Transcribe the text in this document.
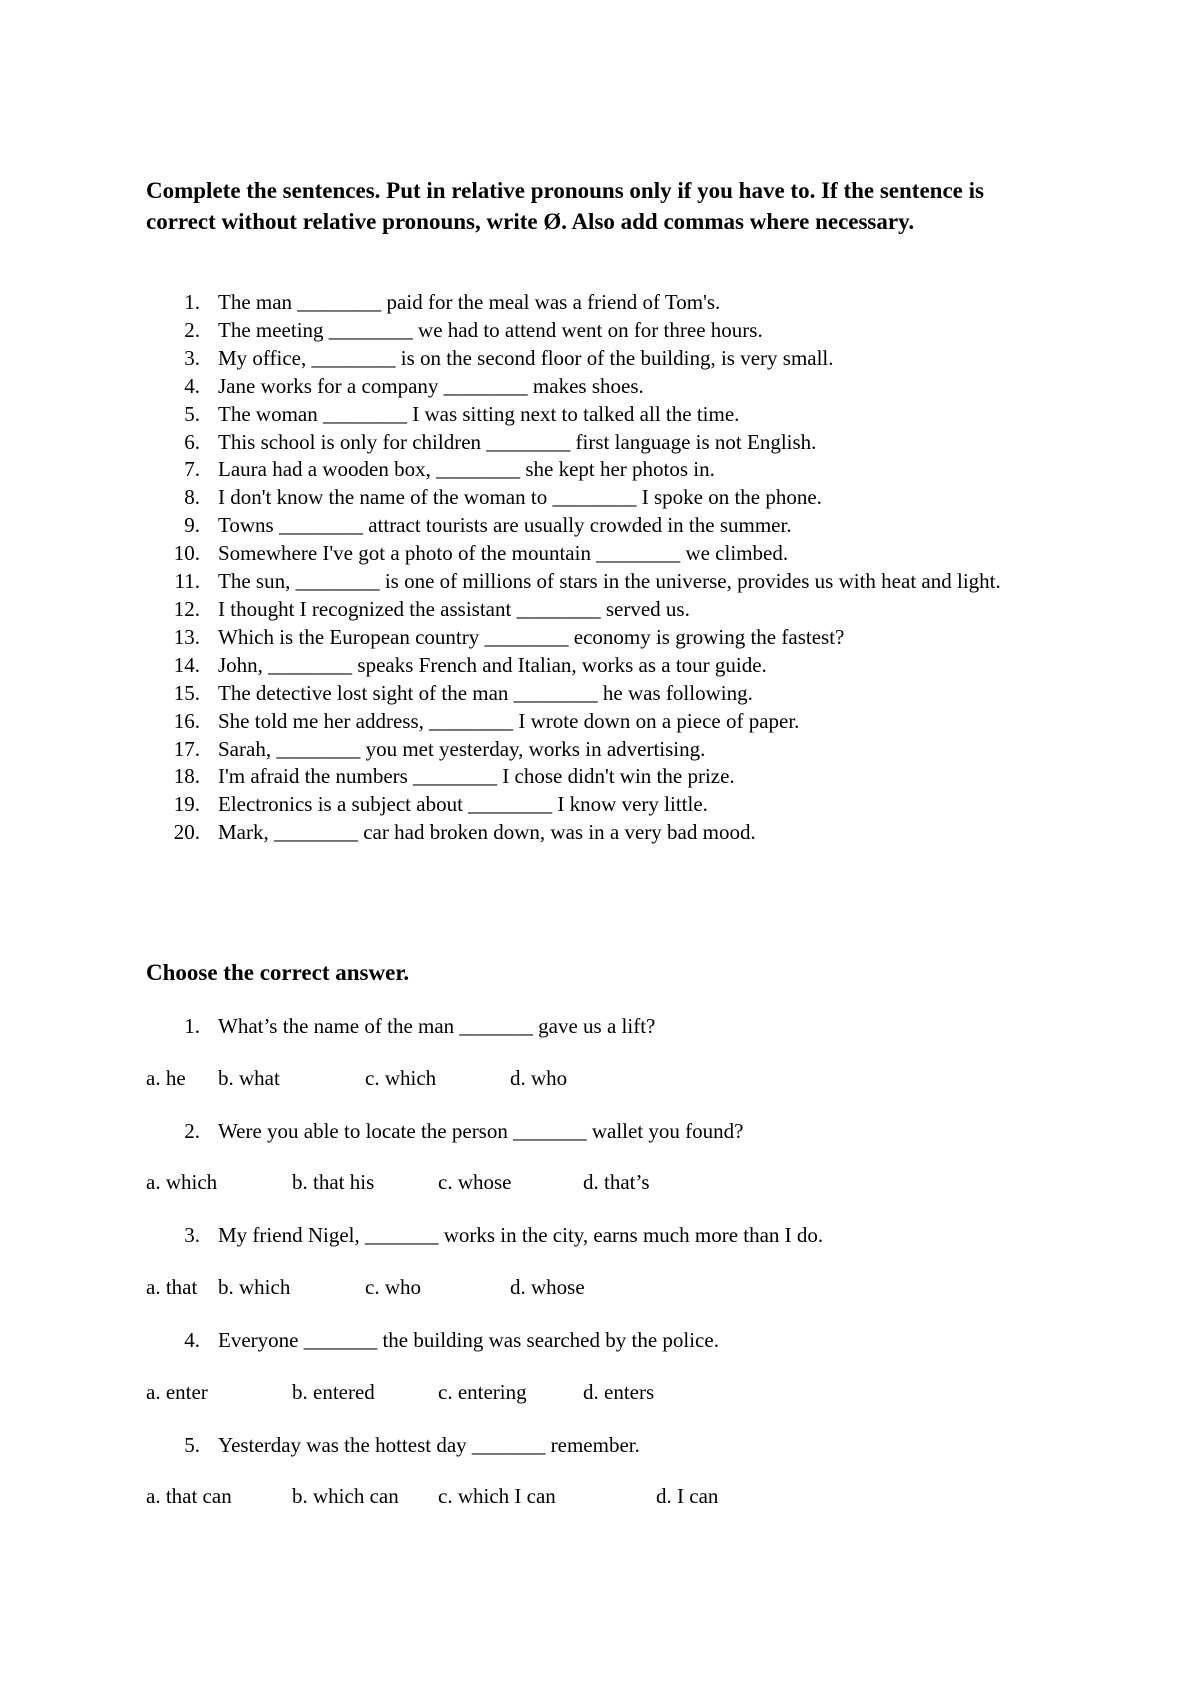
Complete the sentences. Put in relative pronouns only if you have to. If the sentence is correct without relative pronouns, write Ø. Also add commas where necessary.

1. The man ________ paid for the meal was a friend of Tom's.
2. The meeting ________ we had to attend went on for three hours.
3. My office, ________ is on the second floor of the building, is very small.
4. Jane works for a company ________ makes shoes.
5. The woman ________ I was sitting next to talked all the time.
6. This school is only for children ________ first language is not English.
7. Laura had a wooden box, ________ she kept her photos in.
8. I don't know the name of the woman to ________ I spoke on the phone.
9. Towns ________ attract tourists are usually crowded in the summer.
10. Somewhere I've got a photo of the mountain ________ we climbed.
11. The sun, ________ is one of millions of stars in the universe, provides us with heat and light.
12. I thought I recognized the assistant ________ served us.
13. Which is the European country ________ economy is growing the fastest?
14. John, ________ speaks French and Italian, works as a tour guide.
15. The detective lost sight of the man ________ he was following.
16. She told me her address, ________ I wrote down on a piece of paper.
17. Sarah, ________ you met yesterday, works in advertising.
18. I'm afraid the numbers ________ I chose didn't win the prize.
19. Electronics is a subject about ________ I know very little.
20. Mark, ________ car had broken down, was in a very bad mood.

Choose the correct answer.

1. What’s the name of the man _______ gave us a lift?
a. he b. what	c. which	d. who
2. Were you able to locate the person _______ wallet you found?
a. which	b. that his	c. whose	d. that’s
3. My friend Nigel, _______ works in the city, earns much more than I do.
a. that b. which	c. who	d. whose
4. Everyone _______ the building was searched by the police.
a. enter	b. entered	c. entering	d. enters
5. Yesterday was the hottest day _______ remember.
a. that can	b. which can c. which I can	d. I can
